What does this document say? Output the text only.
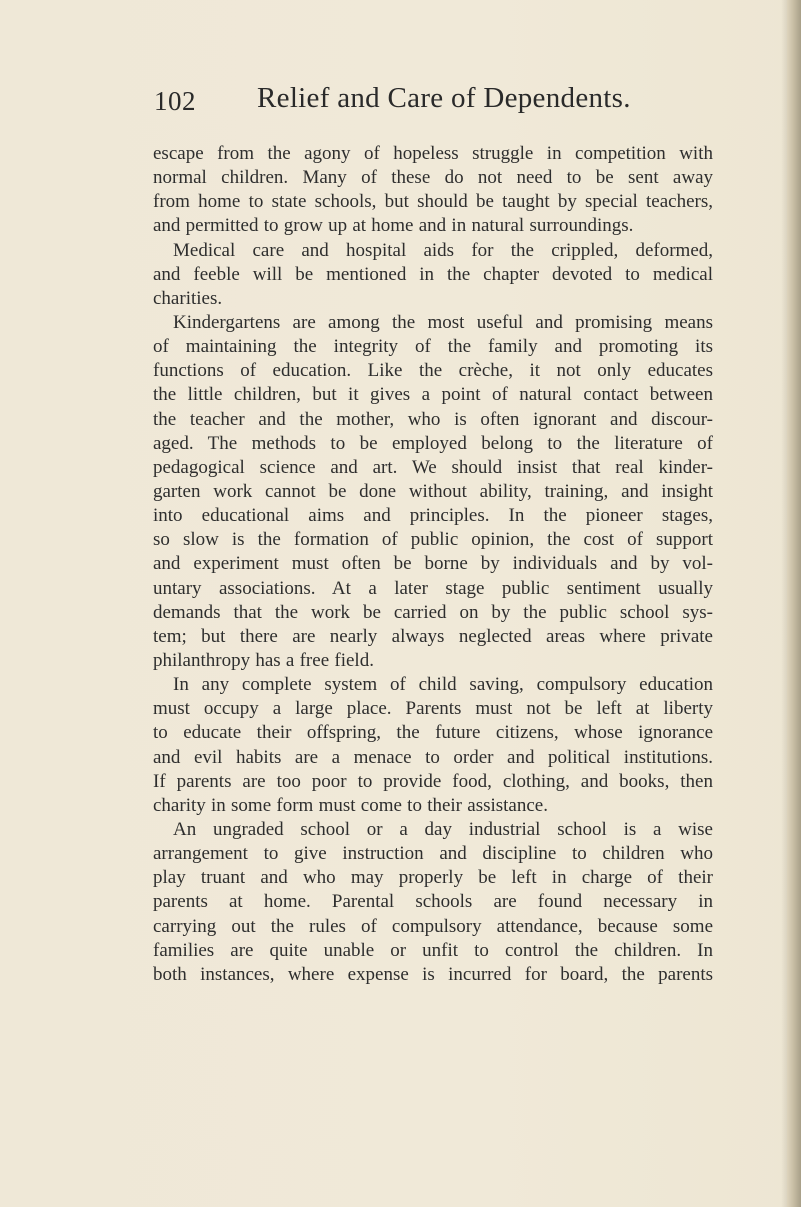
102 Relief and Care of Dependents.
escape from the agony of hopeless struggle in competition with
normal children. Many of these do not need to be sent away
from home to state schools, but should be taught by special teachers,
and permitted to grow up at home and in natural surroundings.
Medical care and hospital aids for the crippled, deformed,
and feeble will be mentioned in the chapter devoted to medical
charities.
Kindergartens are among the most useful and promising means
of maintaining the integrity of the family and promoting its
functions of education. Like the crèche, it not only educates
the little children, but it gives a point of natural contact between
the teacher and the mother, who is often ignorant and discour-
aged. The methods to be employed belong to the literature of
pedagogical science and art. We should insist that real kinder-
garten work cannot be done without ability, training, and insight
into educational aims and principles. In the pioneer stages,
so slow is the formation of public opinion, the cost of support
and experiment must often be borne by individuals and by vol-
untary associations. At a later stage public sentiment usually
demands that the work be carried on by the public school sys-
tem; but there are nearly always neglected areas where private
philanthropy has a free field.
In any complete system of child saving, compulsory education
must occupy a large place. Parents must not be left at liberty
to educate their offspring, the future citizens, whose ignorance
and evil habits are a menace to order and political institutions.
If parents are too poor to provide food, clothing, and books, then
charity in some form must come to their assistance.
An ungraded school or a day industrial school is a wise
arrangement to give instruction and discipline to children who
play truant and who may properly be left in charge of their
parents at home. Parental schools are found necessary in
carrying out the rules of compulsory attendance, because some
families are quite unable or unfit to control the children. In
both instances, where expense is incurred for board, the parents
